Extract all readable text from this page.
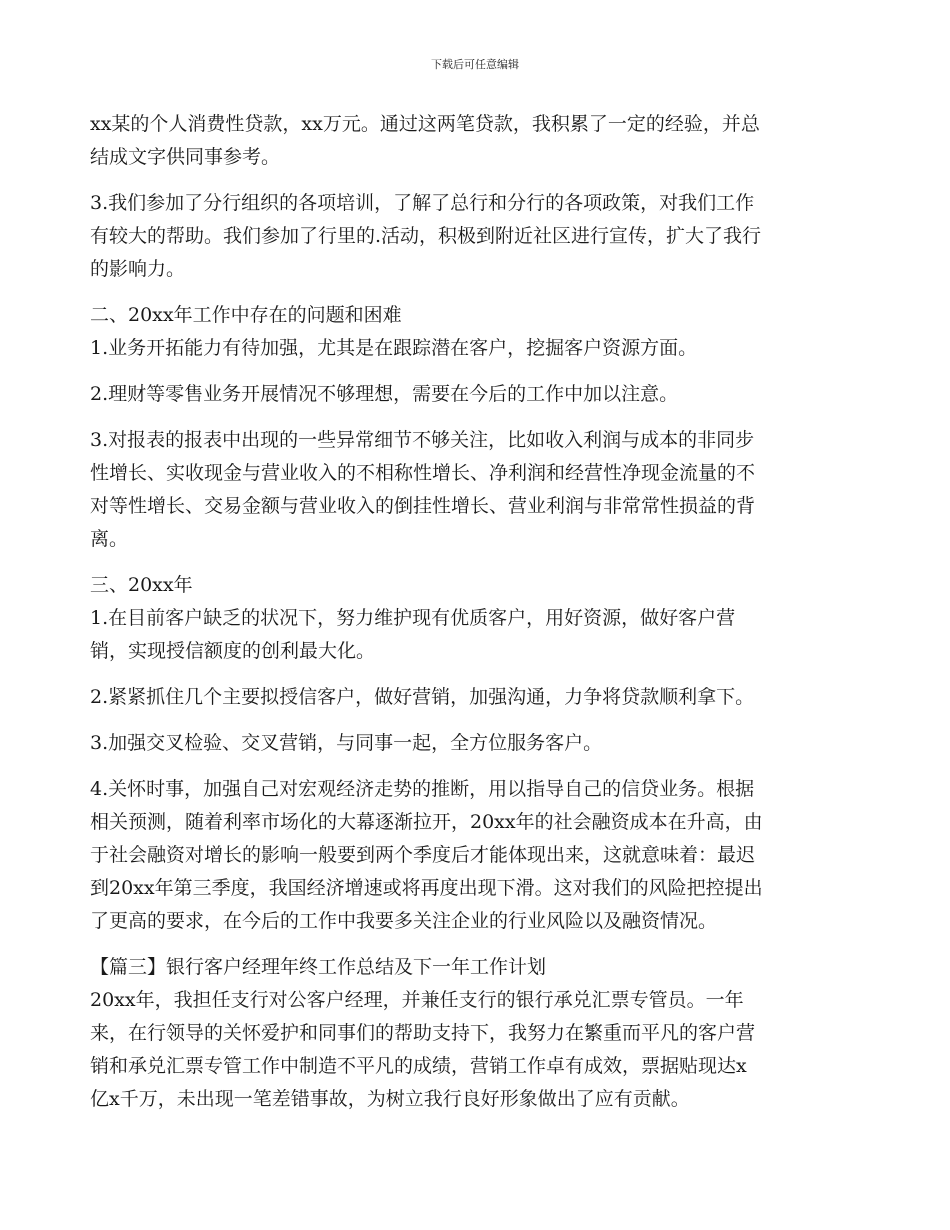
下载后可任意编辑

xx某的个人消费性贷款，xx万元。通过这两笔贷款，我积累了一定的经验，并总

结成文字供同事参考。

3.我们参加了分行组织的各项培训，了解了总行和分行的各项政策，对我们工作

有较大的帮助。我们参加了行里的.活动，积极到附近社区进行宣传，扩大了我行

的影响力。

二、20xx年工作中存在的问题和困难

1.业务开拓能力有待加强，尤其是在跟踪潜在客户，挖掘客户资源方面。

2.理财等零售业务开展情况不够理想，需要在今后的工作中加以注意。

3.对报表的报表中出现的一些异常细节不够关注，比如收入利润与成本的非同步

性增长、实收现金与营业收入的不相称性增长、净利润和经营性净现金流量的不

对等性增长、交易金额与营业收入的倒挂性增长、营业利润与非常常性损益的背

离。

三、20xx年

1.在目前客户缺乏的状况下，努力维护现有优质客户，用好资源，做好客户营

销，实现授信额度的创利最大化。

2.紧紧抓住几个主要拟授信客户，做好营销，加强沟通，力争将贷款顺利拿下。

3.加强交叉检验、交叉营销，与同事一起，全方位服务客户。

4.关怀时事，加强自己对宏观经济走势的推断，用以指导自己的信贷业务。根据

相关预测，随着利率市场化的大幕逐渐拉开，20xx年的社会融资成本在升高，由

于社会融资对增长的影响一般要到两个季度后才能体现出来，这就意味着：最迟

到20xx年第三季度，我国经济增速或将再度出现下滑。这对我们的风险把控提出

了更高的要求，在今后的工作中我要多关注企业的行业风险以及融资情况。

【篇三】银行客户经理年终工作总结及下一年工作计划

20xx年，我担任支行对公客户经理，并兼任支行的银行承兑汇票专管员。一年

来，在行领导的关怀爱护和同事们的帮助支持下，我努力在繁重而平凡的客户营

销和承兑汇票专管工作中制造不平凡的成绩，营销工作卓有成效，票据贴现达x

亿x千万，未出现一笔差错事故，为树立我行良好形象做出了应有贡献。
